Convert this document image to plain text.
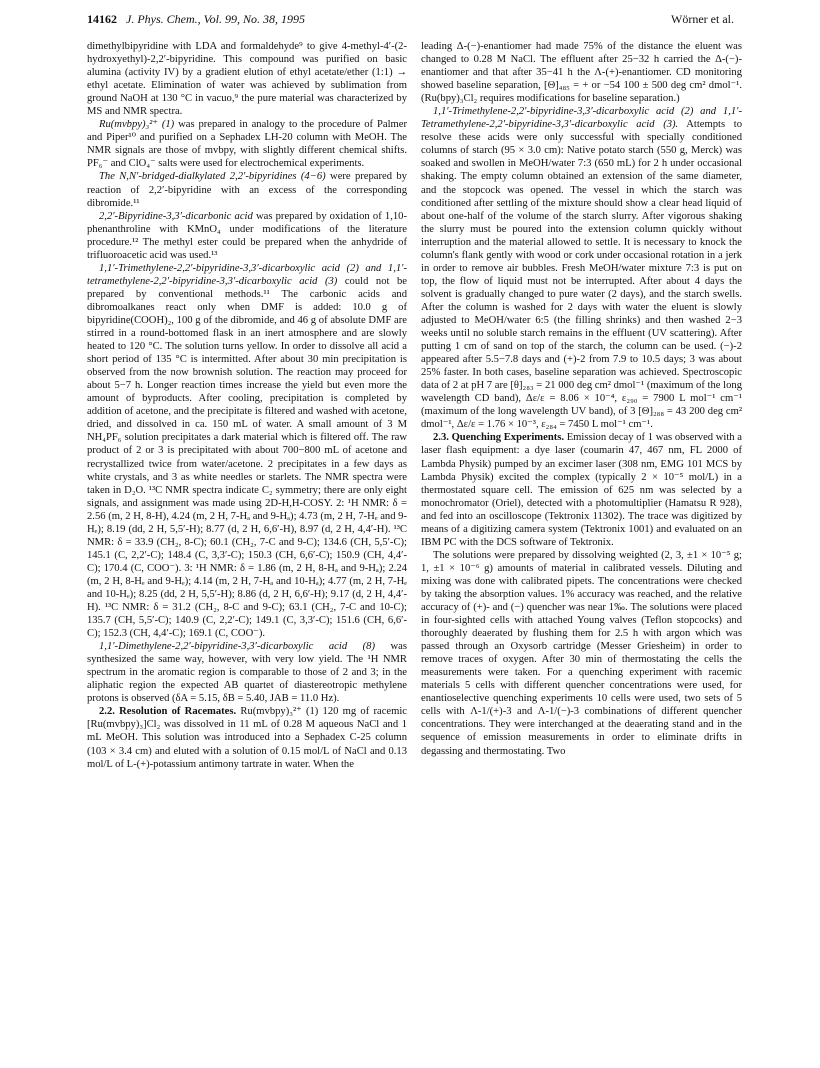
14162 J. Phys. Chem., Vol. 99, No. 38, 1995	Wörner et al.

dimethylbipyridine with LDA and formaldehyde⁹ to give 4-methyl-4′-(2-hydroxyethyl)-2,2′-bipyridine. This compound was purified on basic alumina (activity IV) by a gradient elution of ethyl acetate/ether (1:1) → ethyl acetate. Elimination of water was achieved by sublimation from ground NaOH at 130 °C in vacuo,⁹ the pure material was characterized by MS and NMR spectra.

Ru(mvbpy)₃²⁺ (1) was prepared in analogy to the procedure of Palmer and Piper¹⁰ and purified on a Sephadex LH-20 column with MeOH. The NMR signals are those of mvbpy, with slightly different chemical shifts. PF₆⁻ and ClO₄⁻ salts were used for electrochemical experiments.

The N,N′-bridged-dialkylated 2,2′-bipyridines (4−6) were prepared by reaction of 2,2′-bipyridine with an excess of the corresponding dibromide.¹¹

2,2′-Bipyridine-3,3′-dicarbonic acid was prepared by oxidation of 1,10-phenanthroline with KMnO₄ under modifications of the literature procedure.¹² The methyl ester could be prepared when the anhydride of trifluoroacetic acid was used.¹³

1,1′-Trimethylene-2,2′-bipyridine-3,3′-dicarboxylic acid (2) and 1,1′-tetramethylene-2,2′-bipyridine-3,3′-dicarboxylic acid (3) could not be prepared by conventional methods.¹¹ The carbonic acids and dibromoalkanes react only when DMF is added: 10.0 g of bipyridine(COOH)₂, 100 g of the dibromide, and 46 g of absolute DMF are stirred in a round-bottomed flask in an inert atmosphere and are slowly heated to 120 °C. The solution turns yellow. In order to dissolve all acid a short period of 135 °C is intermitted. After about 30 min precipitation is observed from the now brownish solution. The reaction may proceed for about 5−7 h. Longer reaction times increase the yield but even more the amount of byproducts. After cooling, precipitation is completed by addition of acetone, and the precipitate is filtered and washed with acetone, dried, and dissolved in ca. 150 mL of water. A small amount of 3 M NH₄PF₆ solution precipitates a dark material which is filtered off. The raw product of 2 or 3 is precipitated with about 700−800 mL of acetone and recrystallized twice from water/acetone. 2 precipitates in a few days as white crystals, and 3 as white needles or starlets. The NMR spectra were taken in D₂O. ¹³C NMR spectra indicate C₂ symmetry; there are only eight signals, and assignment was made using 2D-H,H-COSY. 2: ¹H NMR: δ = 2.56 (m, 2 H, 8-H), 4.24 (m, 2 H, 7-Hₐ and 9-Hₐ); 4.73 (m, 2 H, 7-Hₑ and 9-Hₑ); 8.19 (dd, 2 H, 5,5′-H); 8.77 (d, 2 H, 6,6′-H), 8.97 (d, 2 H, 4,4′-H). ¹³C NMR: δ = 33.9 (CH₂, 8-C); 60.1 (CH₂, 7-C and 9-C); 134.6 (CH, 5,5′-C); 145.1 (C, 2,2′-C); 148.4 (C, 3,3′-C); 150.3 (CH, 6,6′-C); 150.9 (CH, 4,4′-C); 170.4 (C, COO⁻). 3: ¹H NMR: δ = 1.86 (m, 2 H, 8-Hₐ and 9-Hₐ); 2.24 (m, 2 H, 8-Hₑ and 9-Hₑ); 4.14 (m, 2 H, 7-Hₐ and 10-Hₐ); 4.77 (m, 2 H, 7-Hₑ and 10-Hₑ); 8.25 (dd, 2 H, 5,5′-H); 8.86 (d, 2 H, 6,6′-H); 9.17 (d, 2 H, 4,4′-H). ¹³C NMR: δ = 31.2 (CH₂, 8-C and 9-C); 63.1 (CH₂, 7-C and 10-C); 135.7 (CH, 5,5′-C); 140.9 (C, 2,2′-C); 149.1 (C, 3,3′-C); 151.6 (CH, 6,6′-C); 152.3 (CH, 4,4′-C); 169.1 (C, COO⁻).

1,1′-Dimethylene-2,2′-bipyridine-3,3′-dicarboxylic acid (8) was synthesized the same way, however, with very low yield. The ¹H NMR spectrum in the aromatic region is comparable to those of 2 and 3; in the aliphatic region the expected AB quartet of diastereotropic methylene protons is observed (δA = 5.15, δB = 5.40, JAB = 11.0 Hz).

2.2. Resolution of Racemates. Ru(mvbpy)₃²⁺ (1) 120 mg of racemic [Ru(mvbpy)₃]Cl₂ was dissolved in 11 mL of 0.28 M aqueous NaCl and 1 mL MeOH. This solution was introduced into a Sephadex C-25 column (103 × 3.4 cm) and eluted with a solution of 0.15 mol/L of NaCl and 0.13 mol/L of L-(+)-potassium antimony tartrate in water. When the

leading Δ-(−)-enantiomer had made 75% of the distance the eluent was changed to 0.28 M NaCl. The effluent after 25−32 h carried the Δ-(−)-enantiomer and that after 35−41 h the Λ-(+)-enantiomer. CD monitoring showed baseline separation, [Θ]₄₈₅ = + or −54 100 ± 500 deg cm² dmol⁻¹. (Ru(bpy)₃Cl₂ requires modifications for baseline separation.)

1,1′-Trimethylene-2,2′-bipyridine-3,3′-dicarboxylic acid (2) and 1,1′-Tetramethylene-2,2′-bipyridine-3,3′-dicarboxylic acid (3). Attempts to resolve these acids were only successful with specially conditioned columns of starch (95 × 3.0 cm): Native potato starch (550 g, Merck) was soaked and swollen in MeOH/water 7:3 (650 mL) for 2 h under occasional shaking. The empty column obtained an extension of the same diameter, and the stopcock was opened. The vessel in which the starch was conditioned after settling of the mixture should show a clear head liquid of about one-half of the volume of the starch slurry. After vigorous shaking the slurry must be poured into the extension column quickly without interruption and the material allowed to settle. It is necessary to knock the column's flank gently with wood or cork under occasional rotation in a jerk in order to remove air bubbles. Fresh MeOH/water mixture 7:3 is put on top, the flow of liquid must not be interrupted. After about 4 days the solvent is gradually changed to pure water (2 days), and the starch swells. After the column is washed for 2 days with water the eluent is slowly adjusted to MeOH/water 6:5 (the filling shrinks) and then washed 2−3 weeks until no soluble starch remains in the effluent (UV scattering). After putting 1 cm of sand on top of the starch, the column can be used. (−)-2 appeared after 5.5−7.8 days and (+)-2 from 7.9 to 10.5 days; 3 was about 25% faster. In both cases, baseline separation was achieved. Spectroscopic data of 2 at pH 7 are [θ]₂₈₃ = 21 000 deg cm² dmol⁻¹ (maximum of the long wavelength CD band), Δε/ε = 8.06 × 10⁻⁴, ε₂₉₀ = 7900 L mol⁻¹ cm⁻¹ (maximum of the long wavelength UV band), of 3 [Θ]₂₈₈ = 43 200 deg cm² dmol⁻¹, Δε/ε = 1.76 × 10⁻³, ε₂₈₄ = 7450 L mol⁻¹ cm⁻¹.

2.3. Quenching Experiments. Emission decay of 1 was observed with a laser flash equipment: a dye laser (coumarin 47, 467 nm, FL 2000 of Lambda Physik) pumped by an excimer laser (308 nm, EMG 101 MCS by Lambda Physik) excited the complex (typically 2 × 10⁻⁵ mol/L) in a thermostated square cell. The emission of 625 nm was selected by a monochromator (Oriel), detected with a photomultiplier (Hamatsu R 928), and fed into an oscilloscope (Tektronix 11302). The trace was digitized by means of a digitizing camera system (Tektronix 1001) and evaluated on an IBM PC with the DCS software of Tektronix.

The solutions were prepared by dissolving weighted (2, 3, ±1 × 10⁻⁵ g; 1, ±1 × 10⁻⁶ g) amounts of material in calibrated vessels. Diluting and mixing was done with calibrated pipets. The concentrations were checked by taking the absorption values. 1% accuracy was reached, and the relative accuracy of (+)- and (−) quencher was near 1‰. The solutions were placed in four-sighted cells with attached Young valves (Teflon stopcocks) and thoroughly deaerated by flushing them for 2.5 h with argon which was passed through an Oxysorb cartridge (Messer Griesheim) in order to remove traces of oxygen. After 30 min of thermostating the cells the measurements were taken. For a quenching experiment with racemic materials 5 cells with different quencher concentrations were used, for enantioselective quenching experiments 10 cells were used, two sets of 5 cells with Λ-1/(+)-3 and Λ-1/(−)-3 combinations of different quencher concentrations. They were interchanged at the deaerating stand and in the sequence of emission measurements in order to eliminate drifts in degassing and thermostating. Two
